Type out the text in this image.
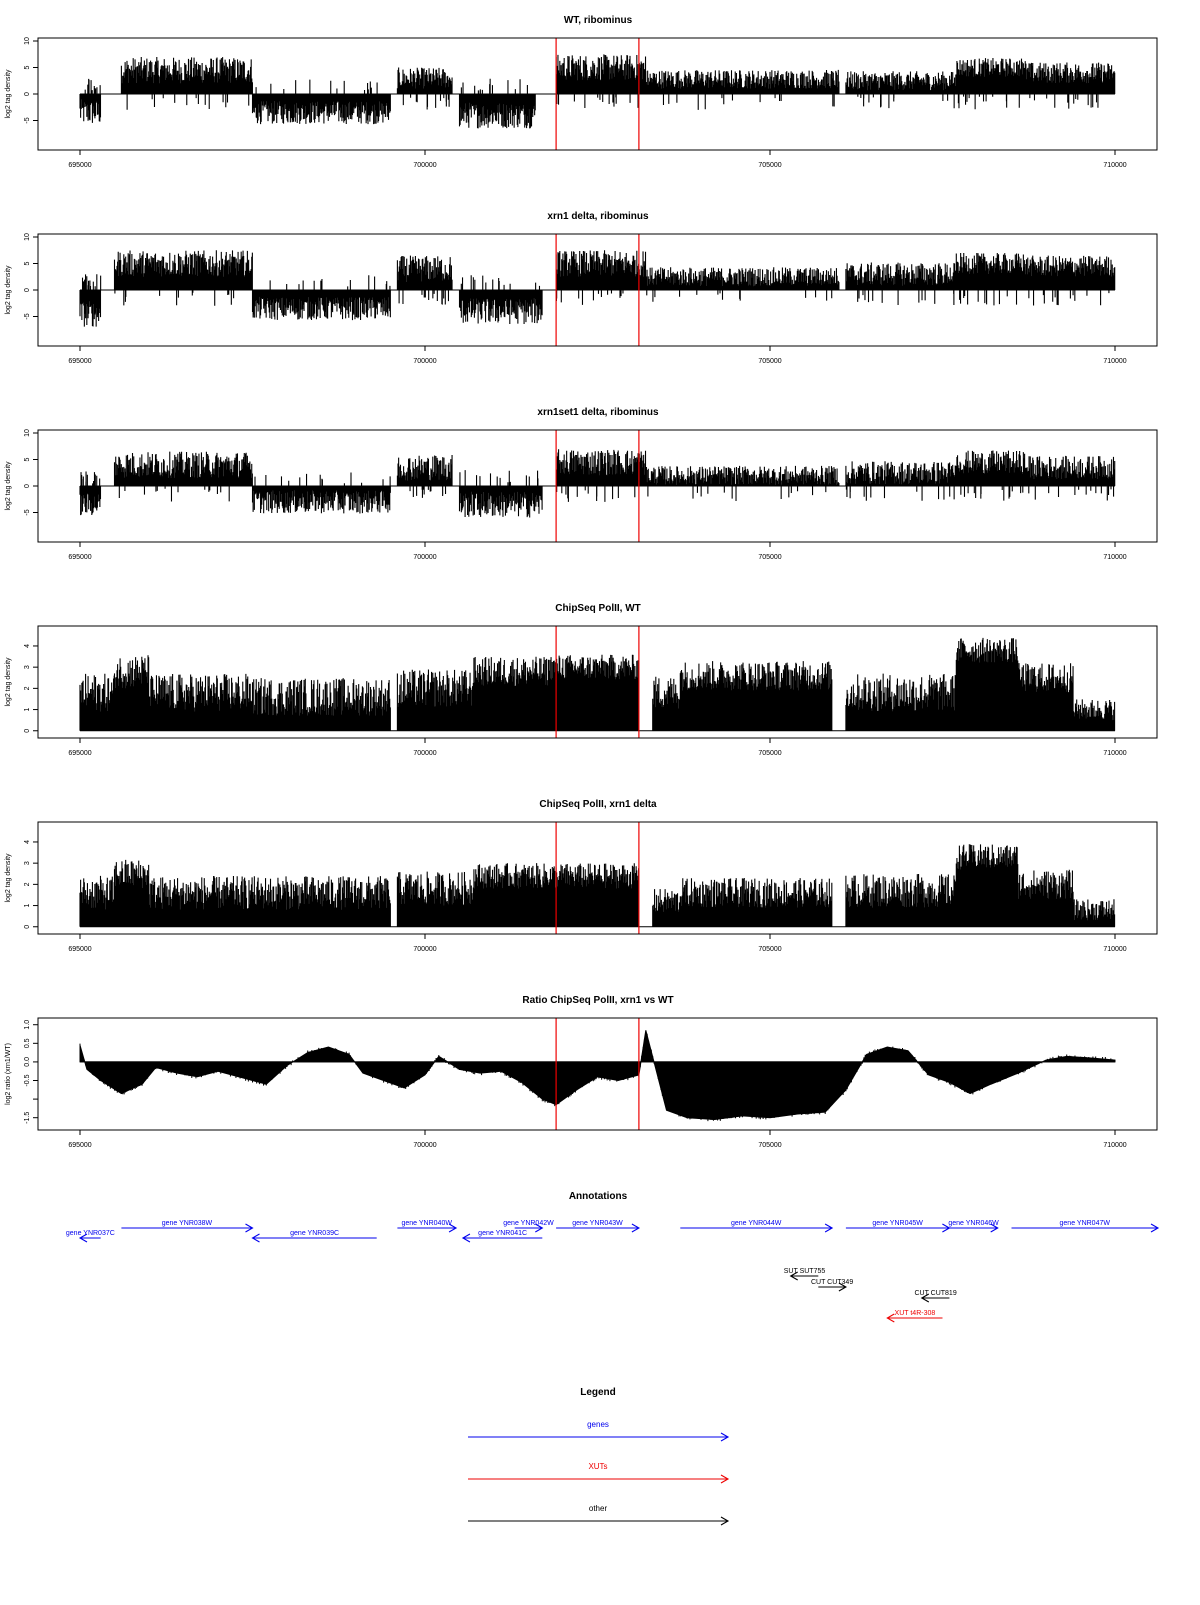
WT, ribominus
log2 tag density
-5
0
5
10
695000	700000	705000	710000
xrn1 delta, ribominus
log2 tag density
-5
0
5
10
695000	700000	705000	710000
xrn1set1 delta, ribominus
log2 tag density
-5
0
5
10
695000	700000	705000	710000
ChipSeq PolII, WT
log2 tag density
0
1
2
3
4
695000	700000	705000	710000
ChipSeq PolII, xrn1 delta
log2 tag density
0
1
2
3
4
695000	700000	705000	710000
Ratio ChipSeq PolII, xrn1 vs WT
log2 ratio (xrn1/WT)
-1.5
-0.5
0.0
0.5
1.0
695000	700000	705000	710000
Annotations
gene YNR037C
gene YNR038W
gene YNR039C
gene YNR040W
gene YNR041C
gene YNR042W	gene YNR043W	gene YNR044W	gene YNR045W	gene YNR046W	gene YNR047W
SUT SUT755
CUT CUT349
CUT CUT819
XUT t4R-308
Legend
genes
XUTs
other
